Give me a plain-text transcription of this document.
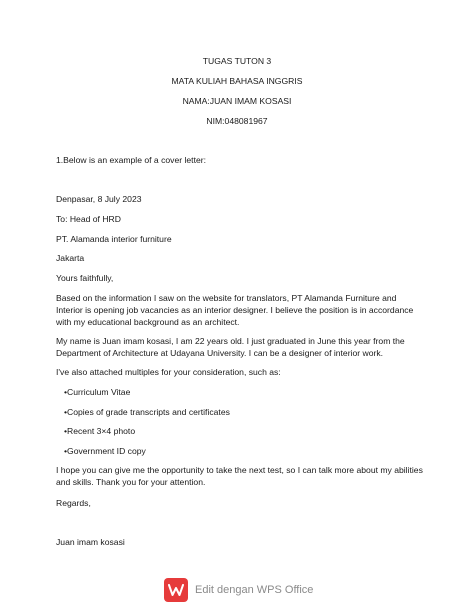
TUGAS TUTON 3
MATA KULIAH BAHASA INGGRIS
NAMA:JUAN IMAM KOSASI
NIM:048081967
1.Below is an example of a cover letter:
Denpasar, 8 July 2023
To: Head of HRD
PT. Alamanda interior furniture
Jakarta
Yours faithfully,
Based on the information I saw on the website for translators, PT Alamanda Furniture and Interior is opening job vacancies as an interior designer. I believe the position is in accordance with my educational background as an architect.
My name is Juan imam kosasi, I am 22 years old. I just graduated in June this year from the Department of Architecture at Udayana University. I can be a designer of interior work.
I've also attached multiples for your consideration, such as:
•Curriculum Vitae
•Copies of grade transcripts and certificates
•Recent 3×4 photo
•Government ID copy
I hope you can give me the opportunity to take the next test, so I can talk more about my abilities and skills. Thank you for your attention.
Regards,
Juan imam kosasi
Edit dengan WPS Office
